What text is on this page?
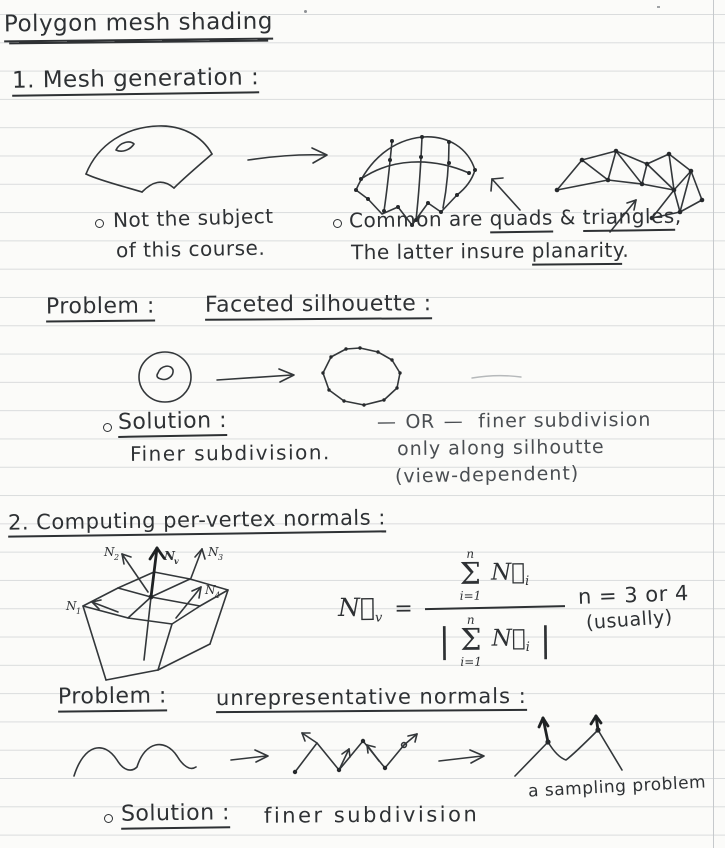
Polygon mesh shading
1. Mesh generation :
Not the subject
of this course.
Common are quads & triangles,
The latter insure planarity.
Problem : Faceted silhouette :
Solution :
Finer subdivision.
— OR — finer subdivision
only along silhoutte
(view-dependent)
2. Computing per-vertex normals :
N 1
N 2	N v
N 3
N 4	$N⃗_v$ =
n
Σ
i=1
$N⃗_i$
|
n
Σ
i=1
$N⃗_i$ |
n = 3 or 4
(usually)
Problem : unrepresentative normals :
a sampling problem
Solution : finer subdivision
